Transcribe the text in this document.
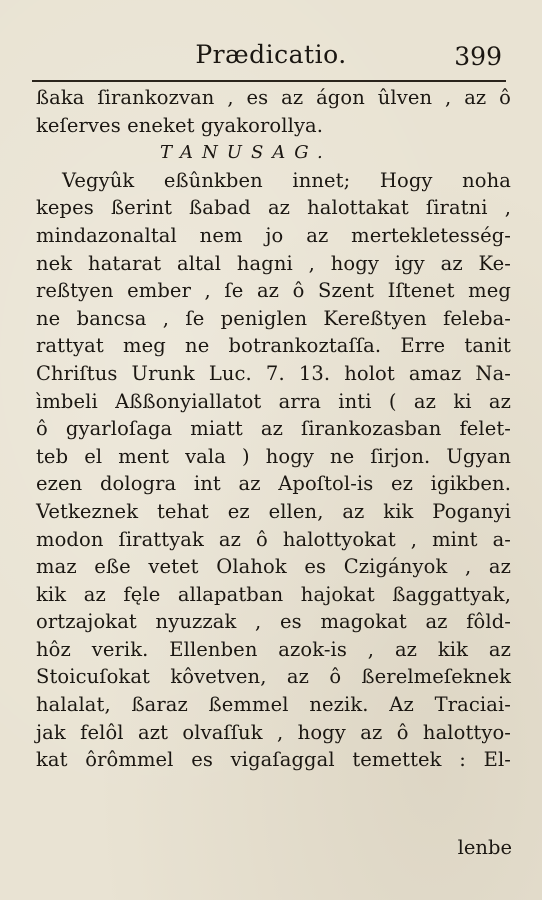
Prædicatio.	399
ßaka ſirankozvan , es az ágon ûlven , az ô
keſerves eneket gyakorollya.
TANUSAG.
Vegyûk eßûnkben innet; Hogy noha
kepes ßerint ßabad az halottakat ſiratni ,
mindazonaltal nem jo az mertekletesség-
nek hatarat altal hagni , hogy igy az Ke-
reßtyen ember , ſe az ô Szent Iſtenet meg
ne bancsa , ſe peniglen Kereßtyen feleba-
rattyat meg ne botrankoztaſſa. Erre tanit
Chriſtus Urunk Luc. 7. 13. holot amaz Na-
ìmbeli Aßßonyiallatot arra inti ( az ki az
ô gyarloſaga miatt az ſirankozasban felet-
teb el ment vala ) hogy ne ſirjon. Ugyan
ezen dologra int az Apoſtol-is ez igikben.
Vetkeznek tehat ez ellen, az kik Poganyi
modon ſirattyak az ô halottyokat , mint a-
maz eße vetet Olahok es Czigányok , az
kik az fęle allapatban hajokat ßaggattyak,
ortzajokat nyuzzak , es magokat az fôld-
hôz verik. Ellenben azok-is , az kik az
Stoicuſokat kôvetven, az ô ßerelmeſeknek
halalat, ßaraz ßemmel nezik. Az Traciai-
jak felôl azt olvaſſuk , hogy az ô halottyo-
kat ôrômmel es vigaſaggal temettek : El-
lenbe
